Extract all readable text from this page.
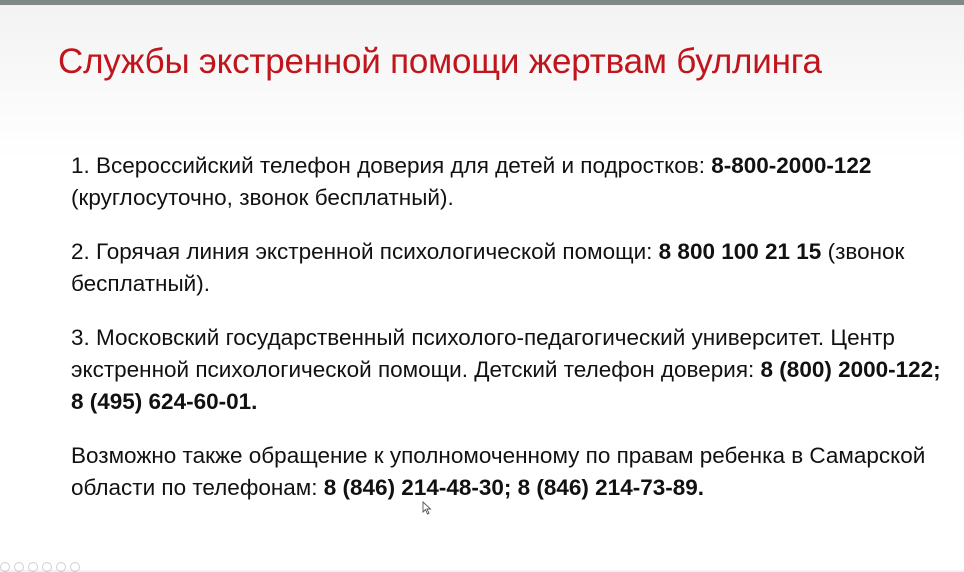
Службы экстренной помощи жертвам буллинга

1. Всероссийский телефон доверия для детей и подростков: 8-800-2000-122 (круглосуточно, звонок бесплатный).

2. Горячая линия экстренной психологической помощи: 8 800 100 21 15 (звонок бесплатный).

3. Московский государственный психолого-педагогический университет. Центр экстренной психологической помощи. Детский телефон доверия: 8 (800) 2000-122; 8 (495) 624-60-01.

Возможно также обращение к уполномоченному по правам ребенка в Самарской области по телефонам: 8 (846) 214-48-30; 8 (846) 214-73-89.
